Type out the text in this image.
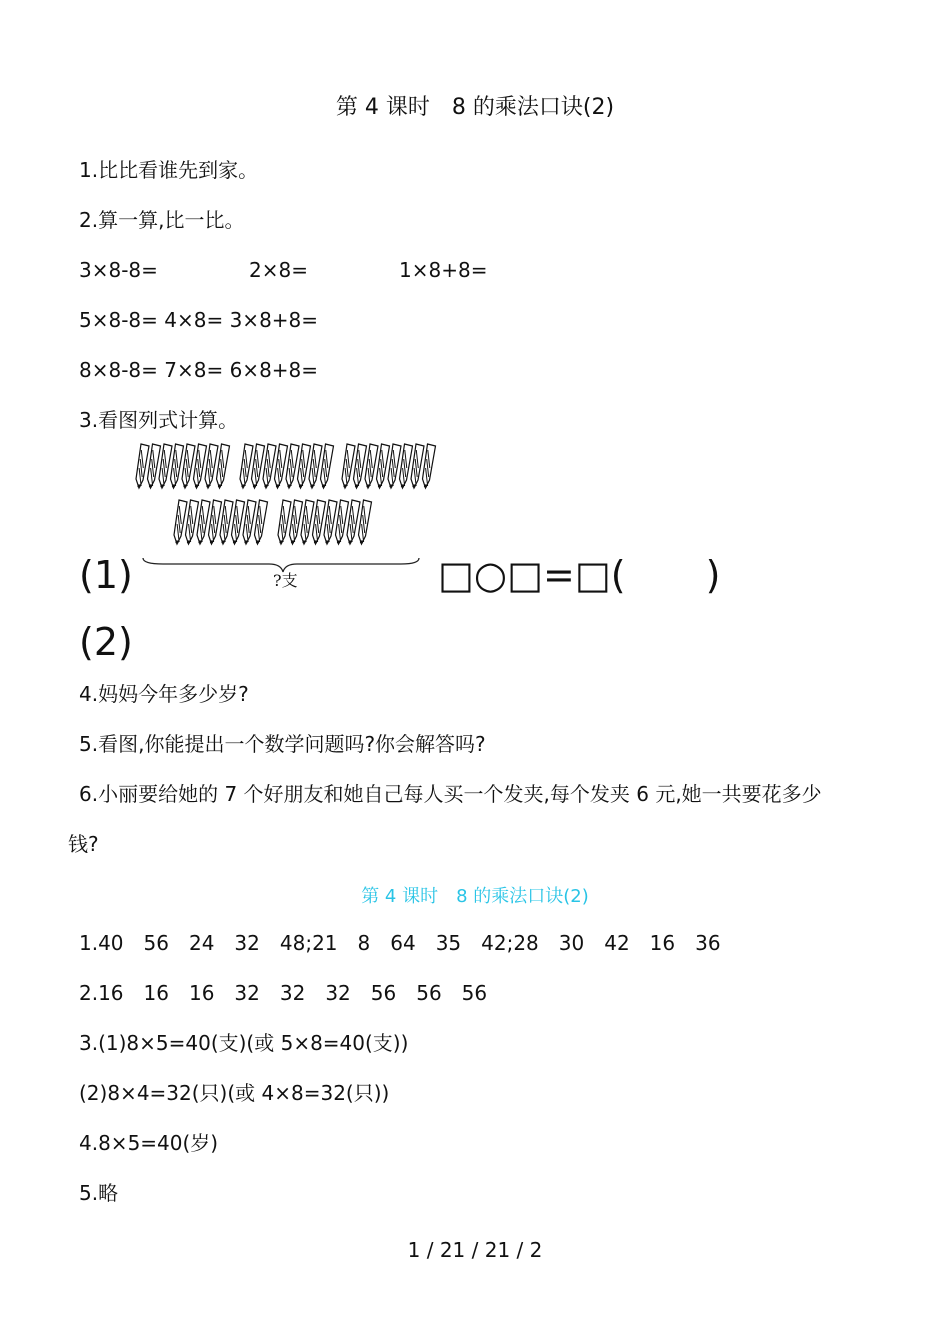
第 4 课时　8 的乘法口诀(2)
1.比比看谁先到家。
2.算一算,比一比。
3×8-8=	2×8=	1×8+8=
5×8-8= 4×8= 3×8+8=
8×8-8= 7×8= 6×8+8=
3.看图列式计算。
?支
(1)	□○□=□( )
(2)
4.妈妈今年多少岁?
5.看图,你能提出一个数学问题吗?你会解答吗?
6.小丽要给她的 7 个好朋友和她自己每人买一个发夹,每个发夹 6 元,她一共要花多少
钱?
第 4 课时　8 的乘法口诀(2)
1.40　56　24　32　48;21　8　64　35　42;28　30　42　16　36
2.16　16　16　32　32　32　56　56　56
3.(1)8×5=40(支)(或 5×8=40(支))
(2)8×4=32(只)(或 4×8=32(只))
4.8×5=40(岁)
5.略
1 / 21 / 21 / 2
